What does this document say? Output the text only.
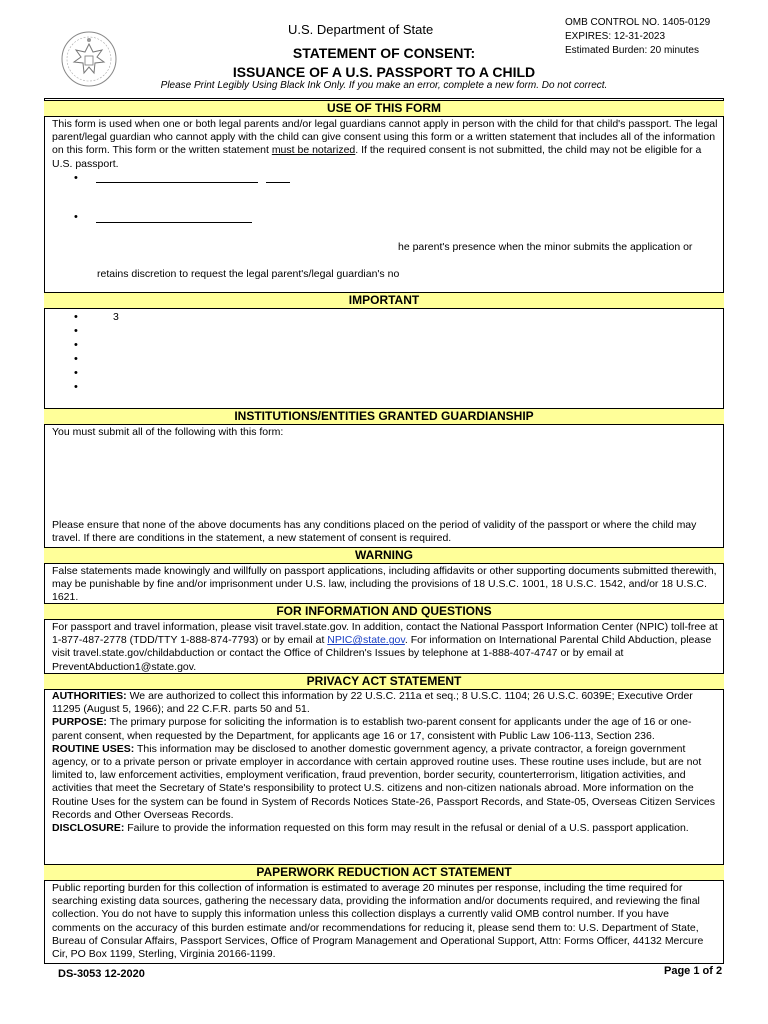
U.S. Department of State
STATEMENT OF CONSENT:
ISSUANCE OF A U.S. PASSPORT TO A CHILD
Please Print Legibly Using Black Ink Only. If you make an error, complete a new form. Do not correct.
OMB CONTROL NO. 1405-0129
EXPIRES: 12-31-2023
Estimated Burden: 20 minutes
USE OF THIS FORM
This form is used when one or both legal parents and/or legal guardians cannot apply in person with the child for that child's passport. The legal parent/legal guardian who cannot apply with the child can give consent using this form or a written statement that includes all of the information on this form. This form or the written statement must be notarized. If the required consent is not submitted, the child may not be eligible for a U.S. passport.
•
•
he parent's presence when the minor submits the application or
retains discretion to request the legal parent's/legal guardian's no
IMPORTANT
•	3
•
•
•
•
•
INSTITUTIONS/ENTITIES GRANTED GUARDIANSHIP
You must submit all of the following with this form:
Please ensure that none of the above documents has any conditions placed on the period of validity of the passport or where the child may travel. If there are conditions in the statement, a new statement of consent is required.
WARNING
False statements made knowingly and willfully on passport applications, including affidavits or other supporting documents submitted therewith, may be punishable by fine and/or imprisonment under U.S. law, including the provisions of 18 U.S.C. 1001, 18 U.S.C. 1542, and/or 18 U.S.C. 1621.
FOR INFORMATION AND QUESTIONS
For passport and travel information, please visit travel.state.gov. In addition, contact the National Passport Information Center (NPIC) toll-free at 1-877-487-2778 (TDD/TTY 1-888-874-7793) or by email at NPIC@state.gov. For information on International Parental Child Abduction, please visit travel.state.gov/childabduction or contact the Office of Children's Issues by telephone at 1-888-407-4747 or by email at PreventAbduction1@state.gov.
PRIVACY ACT STATEMENT
AUTHORITIES: We are authorized to collect this information by 22 U.S.C. 211a et seq.; 8 U.S.C. 1104; 26 U.S.C. 6039E; Executive Order 11295 (August 5, 1966); and 22 C.F.R. parts 50 and 51.
PURPOSE: The primary purpose for soliciting the information is to establish two-parent consent for applicants under the age of 16 or one-parent consent, when requested by the Department, for applicants age 16 or 17, consistent with Public Law 106-113, Section 236.
ROUTINE USES: This information may be disclosed to another domestic government agency, a private contractor, a foreign government agency, or to a private person or private employer in accordance with certain approved routine uses. These routine uses include, but are not limited to, law enforcement activities, employment verification, fraud prevention, border security, counterterrorism, litigation activities, and activities that meet the Secretary of State's responsibility to protect U.S. citizens and non-citizen nationals abroad. More information on the Routine Uses for the system can be found in System of Records Notices State-26, Passport Records, and State-05, Overseas Citizen Services Records and Other Overseas Records.
DISCLOSURE: Failure to provide the information requested on this form may result in the refusal or denial of a U.S. passport application.
PAPERWORK REDUCTION ACT STATEMENT
Public reporting burden for this collection of information is estimated to average 20 minutes per response, including the time required for searching existing data sources, gathering the necessary data, providing the information and/or documents required, and reviewing the final collection. You do not have to supply this information unless this collection displays a currently valid OMB control number. If you have comments on the accuracy of this burden estimate and/or recommendations for reducing it, please send them to: U.S. Department of State, Bureau of Consular Affairs, Passport Services, Office of Program Management and Operational Support, Attn: Forms Officer, 44132 Mercure Cir, PO Box 1199, Sterling, Virginia 20166-1199.
DS-3053 12-2020	Page 1 of 2
